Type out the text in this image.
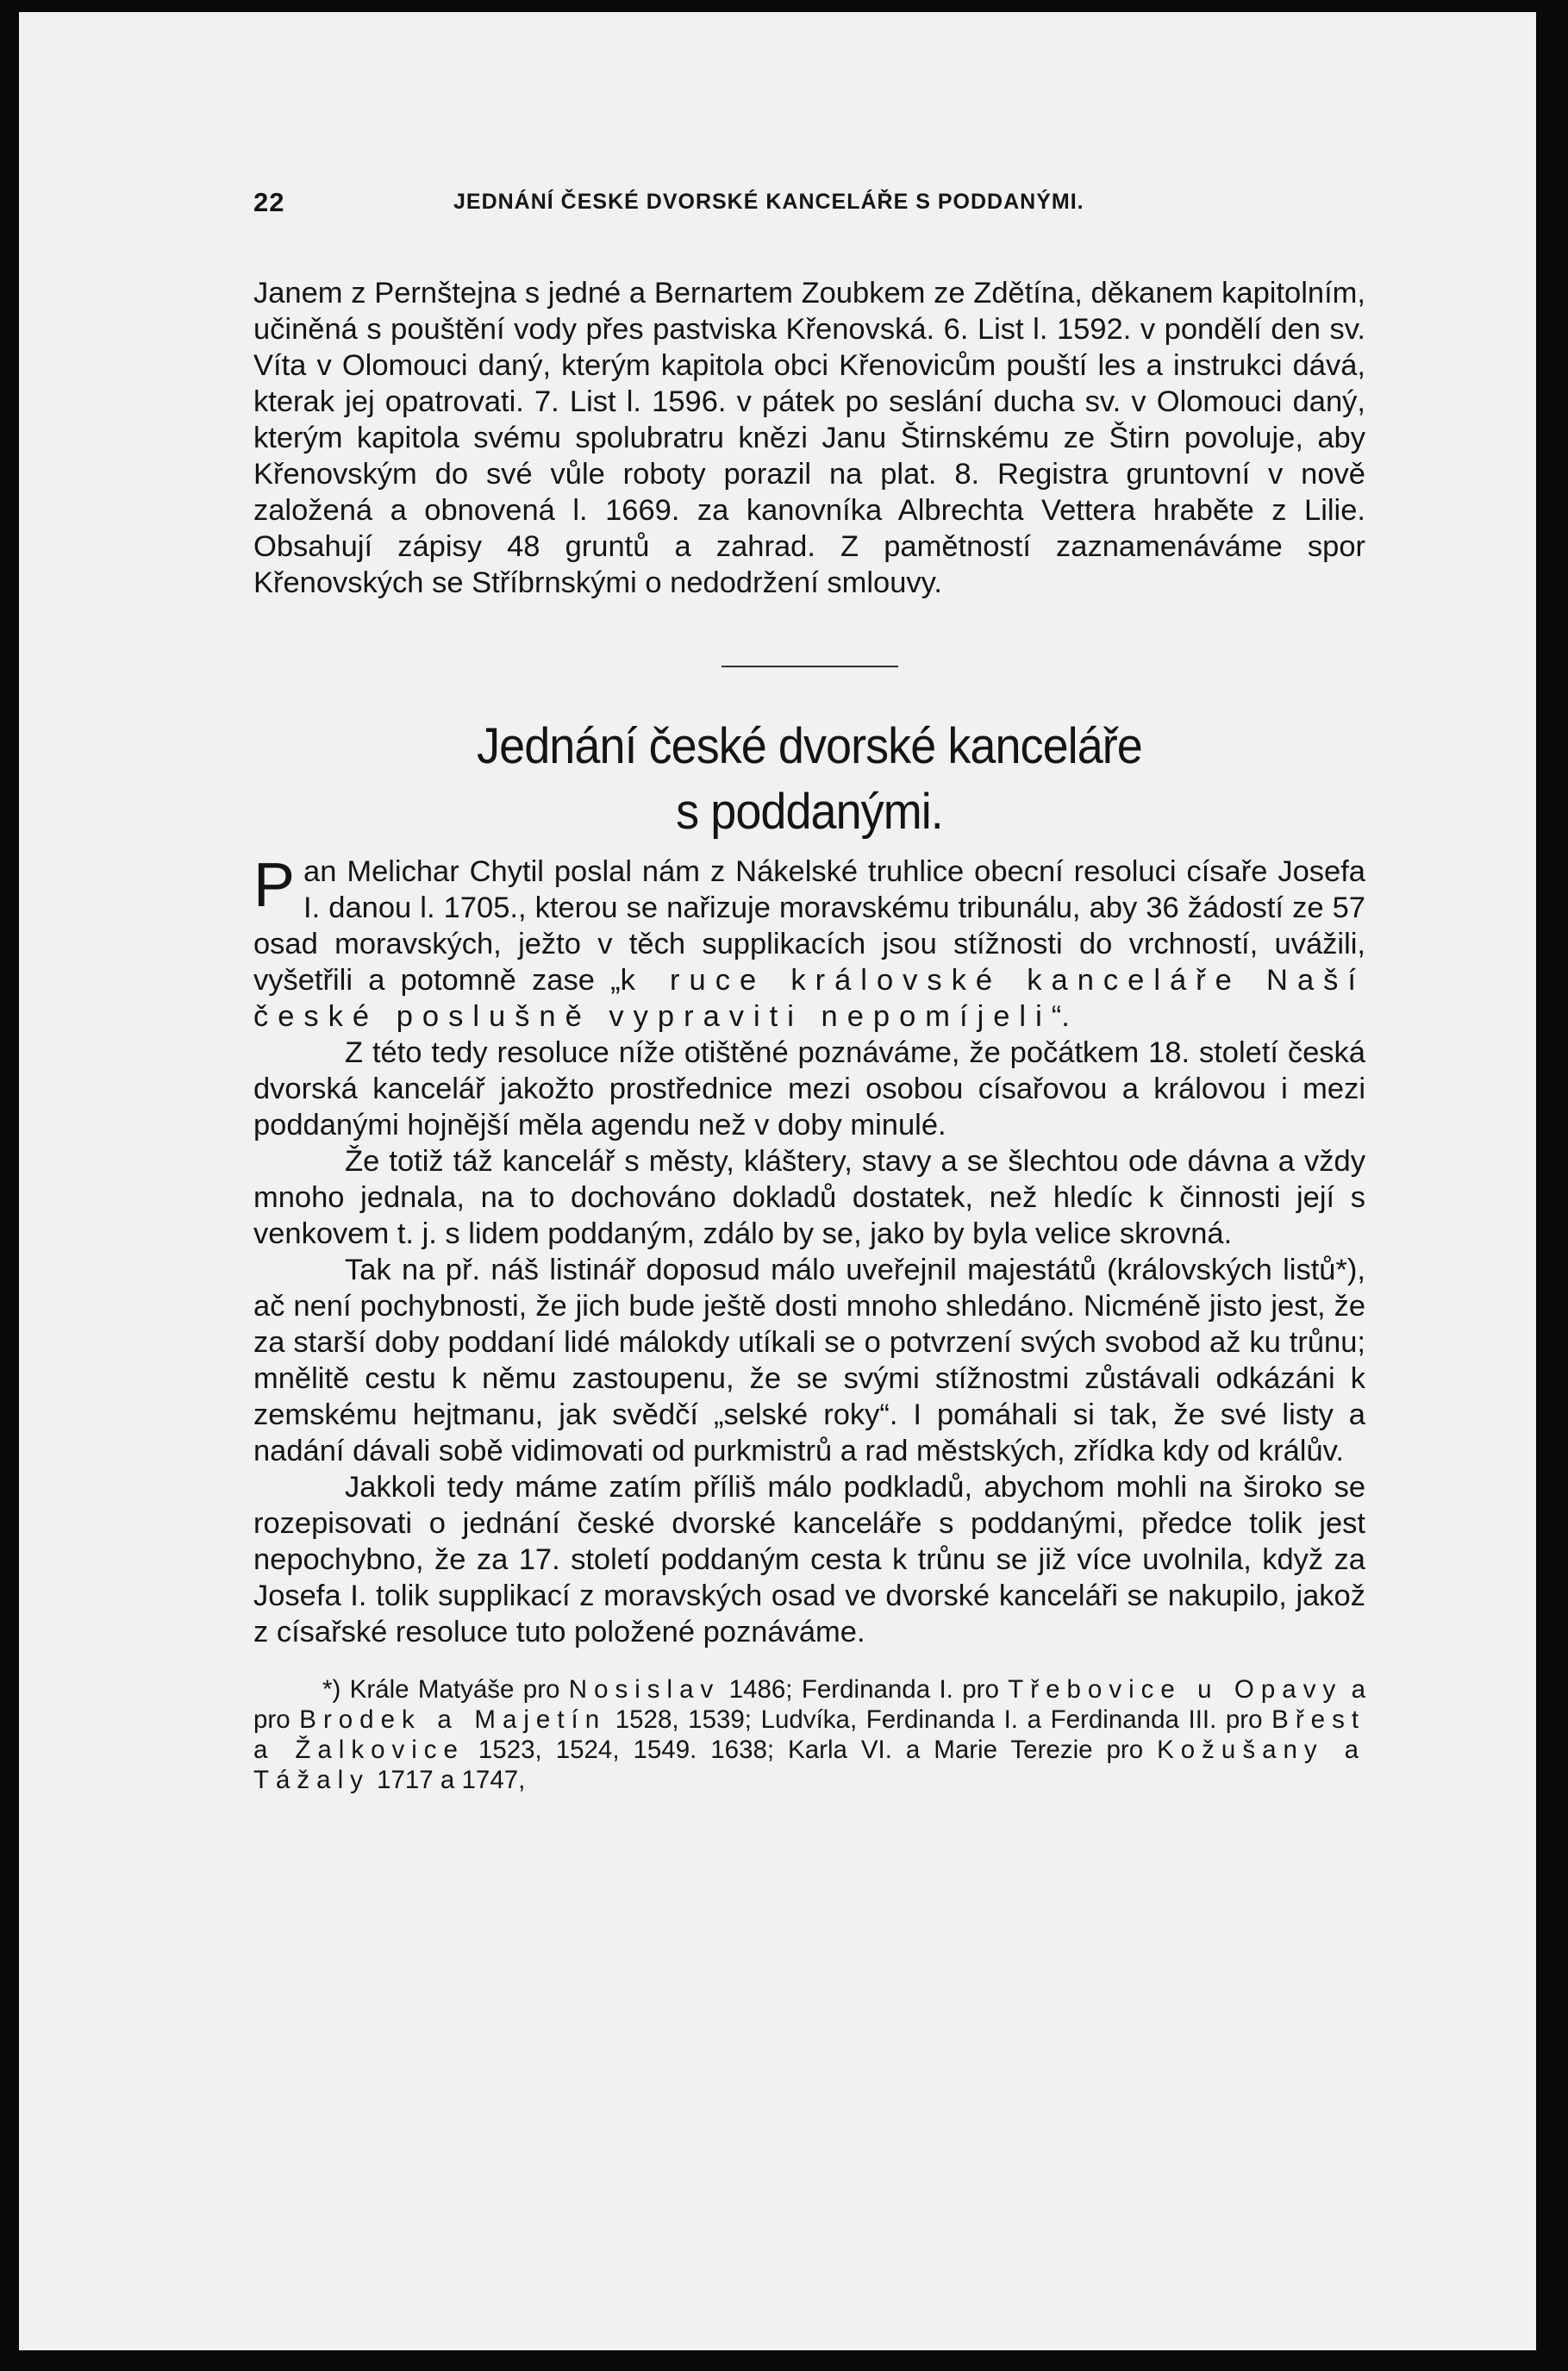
22	JEDNÁNÍ ČESKÉ DVORSKÉ KANCELÁŘE S PODDANÝMI.

Janem z Pernštejna s jedné a Bernartem Zoubkem ze Zdětína, děkanem kapitolním, učiněná s pouštění vody přes pastviska Křenovská. 6. List l. 1592. v pondělí den sv. Víta v Olomouci daný, kterým kapitola obci Křenovicům pouští les a instrukci dává, kterak jej opatrovati. 7. List l. 1596. v pátek po seslání ducha sv. v Olomouci daný, kterým kapitola svému spolubratru knězi Janu Štirnskému ze Štirn povoluje, aby Křenovským do své vůle roboty porazil na plat. 8. Registra gruntovní v nově založená a obnovená l. 1669. za kanovníka Albrechta Vettera hraběte z Lilie. Obsahují zápisy 48 gruntů a zahrad. Z pamětností zaznamenáváme spor Křenovských se Stříbrnskými o nedodržení smlouvy.

Jednání české dvorské kanceláře
s poddanými.

Pan Melichar Chytil poslal nám z Nákelské truhlice obecní resoluci císaře Josefa I. danou l. 1705., kterou se nařizuje moravskému tribunálu, aby 36 žádostí ze 57 osad moravských, ježto v těch supplikacích jsou stížnosti do vrchností, uvážili, vyšetřili a potomně zase „k ruce královské kanceláře Naší české poslušně vypraviti nepomíjeli“.

Z této tedy resoluce níže otištěné poznáváme, že počátkem 18. století česká dvorská kancelář jakožto prostřednice mezi osobou císařovou a královou i mezi poddanými hojnější měla agendu než v doby minulé.

Že totiž táž kancelář s městy, kláštery, stavy a se šlechtou ode dávna a vždy mnoho jednala, na to dochováno dokladů dostatek, než hledíc k činnosti její s venkovem t. j. s lidem poddaným, zdálo by se, jako by byla velice skrovná.

Tak na př. náš listinář doposud málo uveřejnil majestátů (královských listů*), ač není pochybnosti, že jich bude ještě dosti mnoho shledáno. Nicméně jisto jest, že za starší doby poddaní lidé málokdy utíkali se o potvrzení svých svobod až ku trůnu; mnělitě cestu k němu zastoupenu, že se svými stížnostmi zůstávali odkázáni k zemskému hejtmanu, jak svědčí „selské roky“. I pomáhali si tak, že své listy a nadání dávali sobě vidimovati od purkmistrů a rad městských, zřídka kdy od králův.

Jakkoli tedy máme zatím příliš málo podkladů, abychom mohli na široko se rozepisovati o jednání české dvorské kanceláře s poddanými, předce tolik jest nepochybno, že za 17. století poddaným cesta k trůnu se již více uvolnila, když za Josefa I. tolik supplikací z moravských osad ve dvorské kanceláři se nakupilo, jakož z císařské resoluce tuto položené poznáváme.

*) Krále Matyáše pro Nosislav 1486; Ferdinanda I. pro Třebovice u Opavy a pro Brodek a Majetín 1528, 1539; Ludvíka, Ferdinanda I. a Ferdinanda III. pro Břest a Žalkovice 1523, 1524, 1549. 1638; Karla VI. a Marie Terezie pro Kožušany a Tážaly 1717 a 1747,
